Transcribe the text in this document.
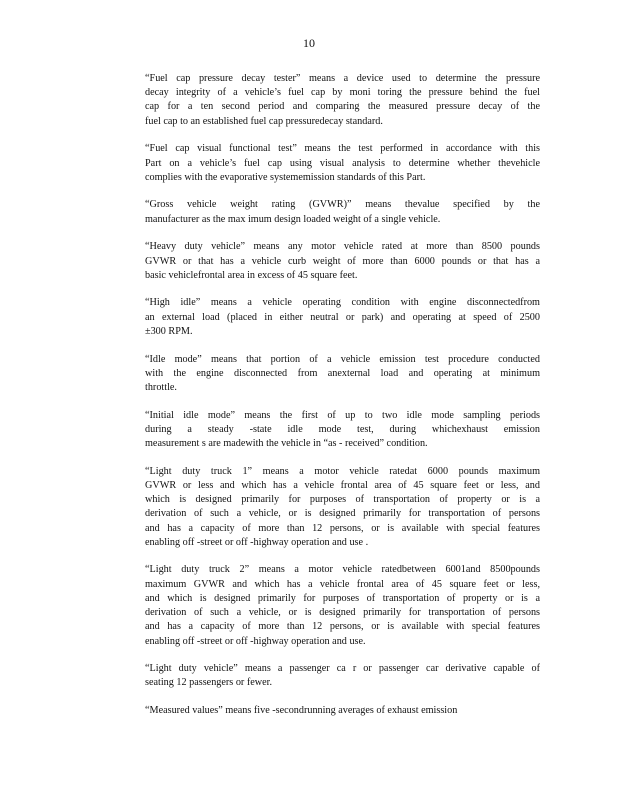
10
“Fuel cap pressure decay tester” means a device used to determine the pressure
decay integrity of a vehicle’s fuel cap by moni toring the pressure behind the fuel
cap for a ten second period and comparing the measured pressure decay of the
fuel cap to an established fuel cap pressuredecay standard.
“Fuel cap visual functional test” means the test performed in accordance with this
Part on a vehicle’s fuel cap using visual analysis to determine whether thevehicle
complies with the evaporative systememission standards of this Part.
“Gross vehicle weight rating (GVWR)” means thevalue specified by the
manufacturer as the max imum design loaded weight of a single vehicle.
“Heavy duty vehicle” means any motor vehicle rated at more than 8500 pounds
GVWR or that has a vehicle curb weight of more than 6000 pounds or that has a
basic vehiclefrontal area in excess of 45 square feet.
“High idle” means a vehicle operating condition with engine disconnectedfrom
an external load (placed in either neutral or park) and operating at speed of 2500
±300 RPM.
“Idle mode” means that portion of a vehicle emission test procedure conducted
with the engine disconnected from anexternal load and operating at minimum
throttle.
“Initial idle mode” means the first of up to two idle mode sampling periods
during a steady -state idle mode test, during whichexhaust emission
measurement s are madewith the vehicle in “as - received” condition.
“Light duty truck 1” means a motor vehicle ratedat 6000 pounds maximum
GVWR or less and which has a vehicle frontal area of 45 square feet or less, and
which is designed primarily for purposes of transportation of property or is a
derivation of such a vehicle, or is designed primarily for transportation of persons
and has a capacity of more than 12 persons, or is available with special features
enabling off -street or off -highway operation and use .
“Light duty truck 2” means a motor vehicle ratedbetween 6001and 8500pounds
maximum GVWR and which has a vehicle frontal area of 45 square feet or less,
and which is designed primarily for purposes of transportation of property or is a
derivation of such a vehicle, or is designed primarily for transportation of persons
and has a capacity of more than 12 persons, or is available with special features
enabling off -street or off -highway operation and use.
“Light duty vehicle” means a passenger ca r or passenger car derivative capable of
seating 12 passengers or fewer.
“Measured values” means five -secondrunning averages of exhaust emission
